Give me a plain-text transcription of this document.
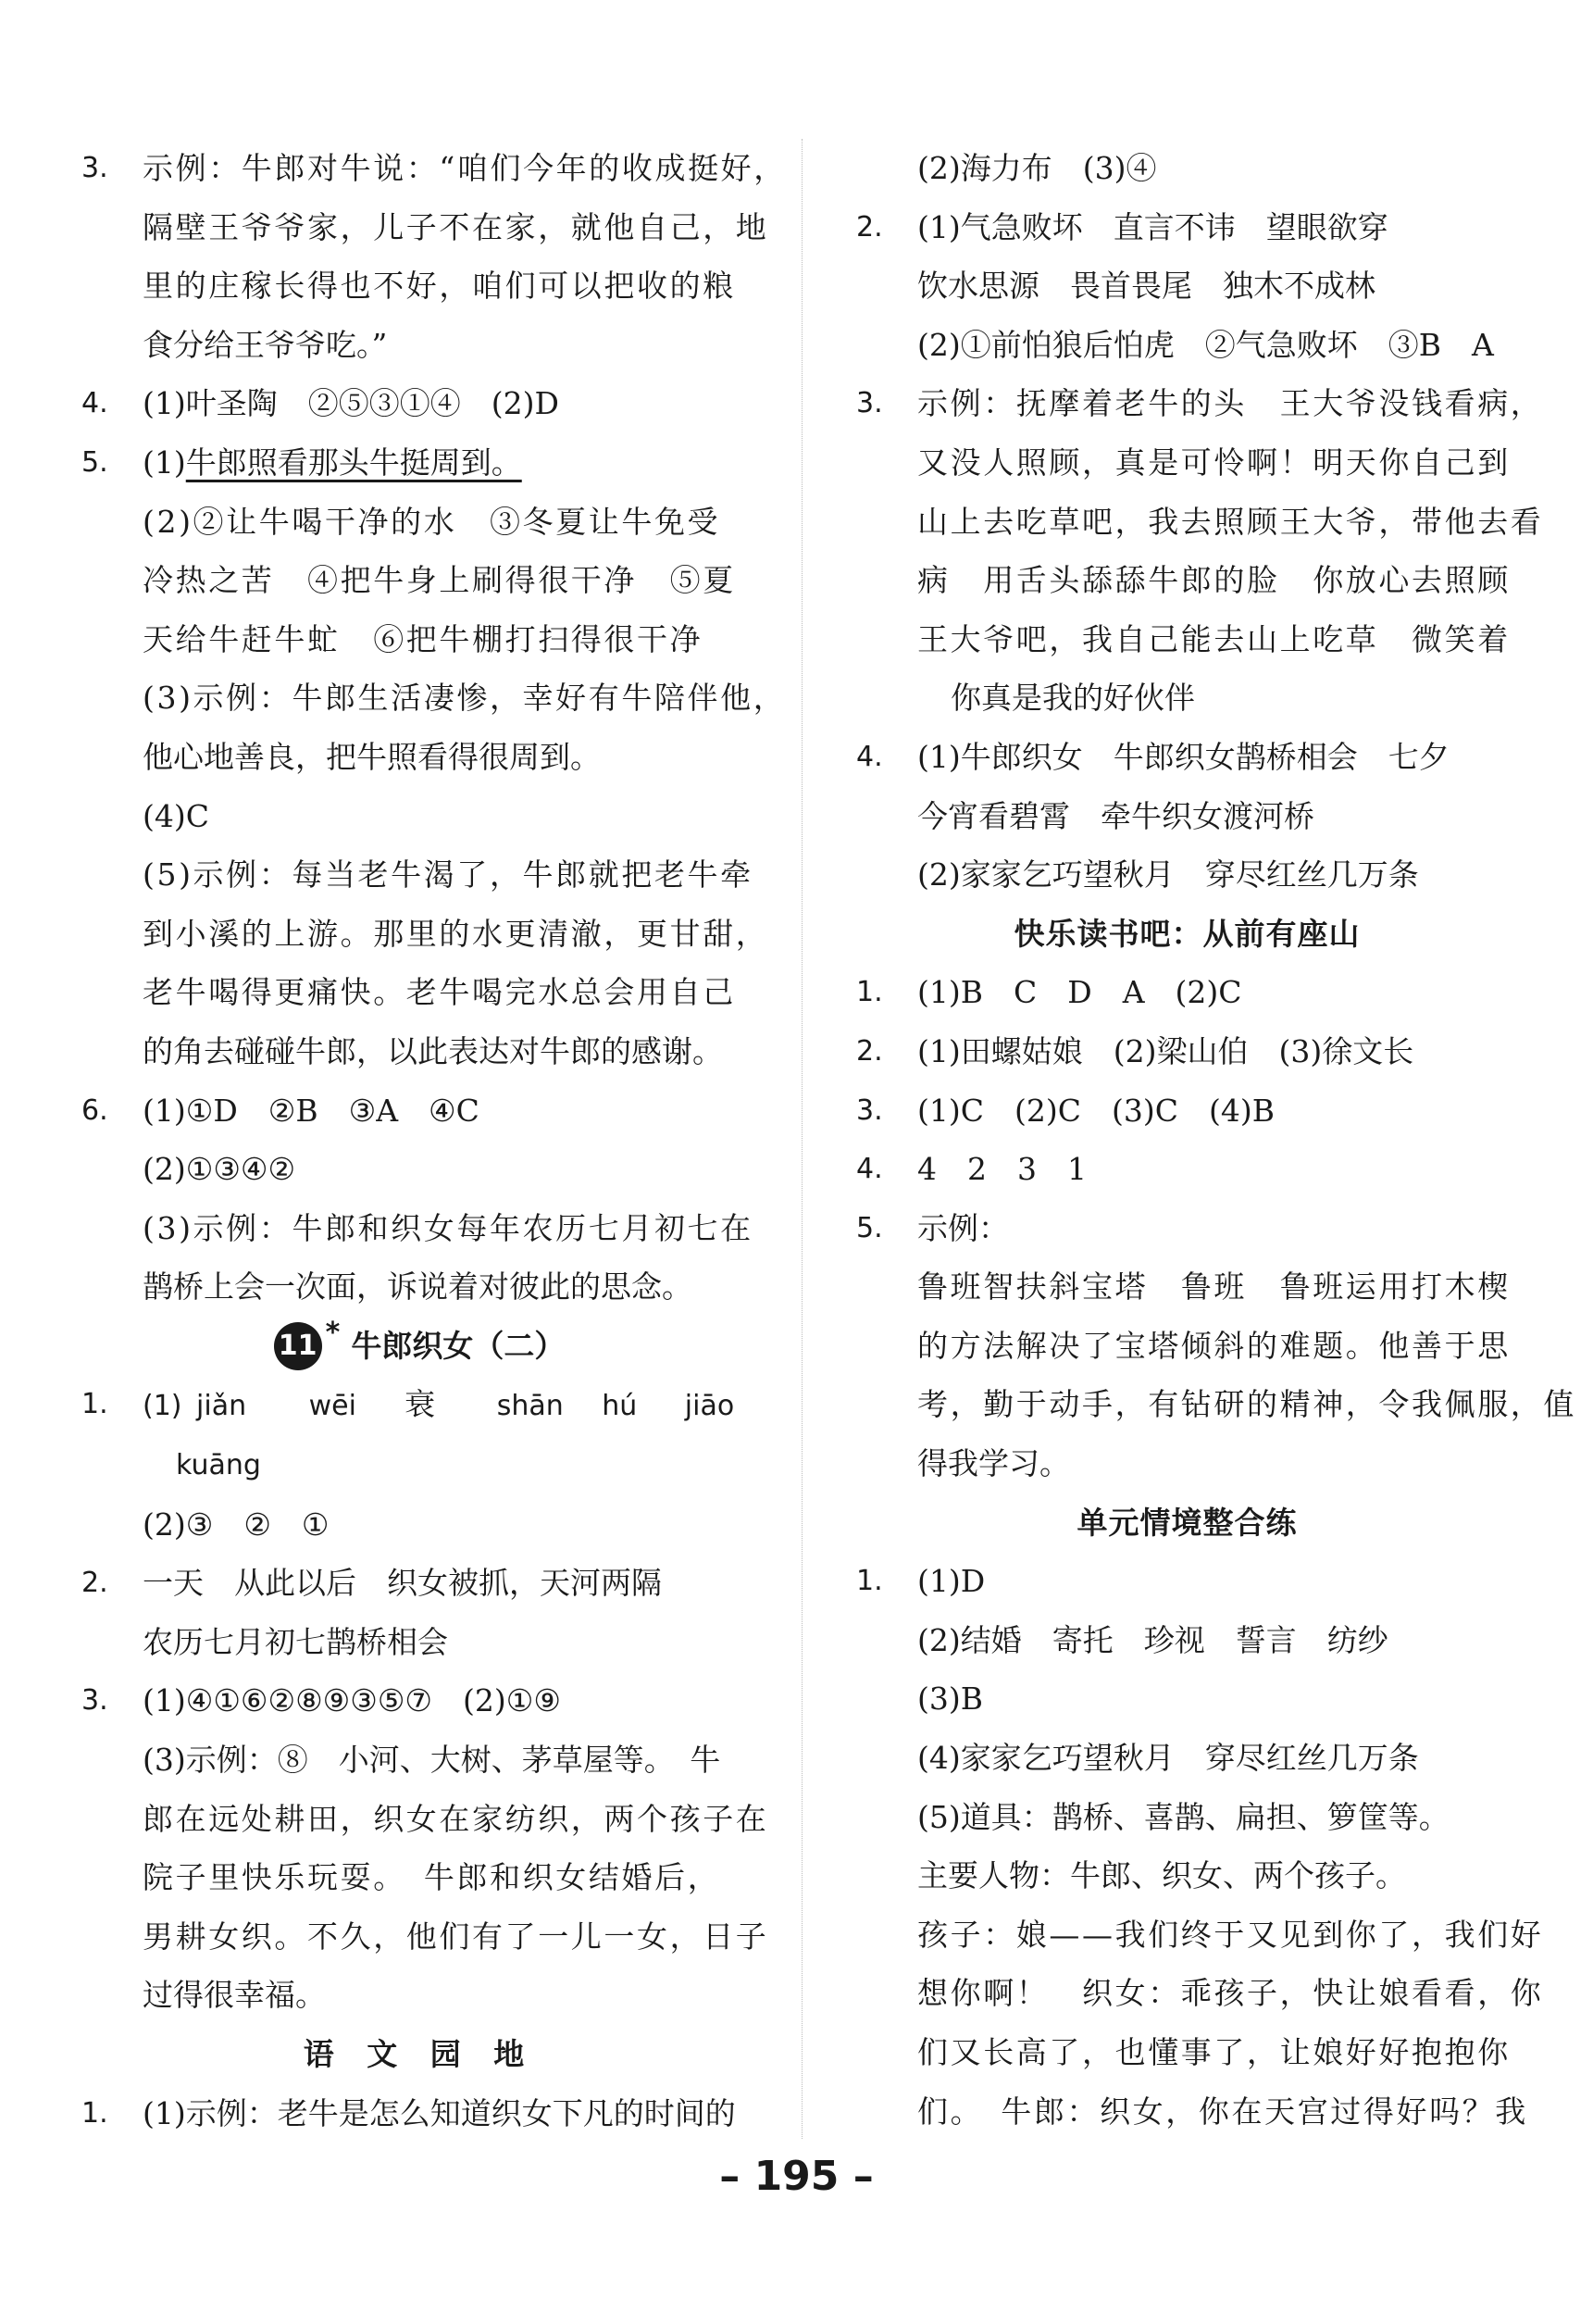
3.	示例：牛郎对牛说：“咱们今年的收成挺好，
隔壁王爷爷家，儿子不在家，就他自己，地
里的庄稼长得也不好，咱们可以把收的粮
食分给王爷爷吃。”
4.	(1)叶圣陶　②⑤③①④　(2)D
5.	(1)牛郎照看那头牛挺周到。
(2)②让牛喝干净的水　③冬夏让牛免受
冷热之苦　④把牛身上刷得很干净　⑤夏
天给牛赶牛虻　⑥把牛棚打扫得很干净
(3)示例：牛郎生活凄惨，幸好有牛陪伴他，
他心地善良，把牛照看得很周到。
(4)C
(5)示例：每当老牛渴了，牛郎就把老牛牵
到小溪的上游。那里的水更清澈，更甘甜，
老牛喝得更痛快。老牛喝完水总会用自己
的角去碰碰牛郎，以此表达对牛郎的感谢。
6.	(1)①D　②B　③A　④C
(2)①③④②
(3)示例：牛郎和织女每年农历七月初七在
鹊桥上会一次面，诉说着对彼此的思念。
11 * 牛郎织女（二）
1.	(1) jiǎn wēi 衰 shān hú jiāo
kuāng
(2)③　②　①
2.	一天　从此以后　织女被抓，天河两隔
农历七月初七鹊桥相会
3.	(1)④①⑥②⑧⑨③⑤⑦　(2)①⑨
(3)示例：⑧　小河、大树、茅草屋等。　牛
郎在远处耕田，织女在家纺织，两个孩子在
院子里快乐玩耍。　牛郎和织女结婚后，
男耕女织。不久，他们有了一儿一女，日子
过得很幸福。
语 文 园 地
1.	(1)示例：老牛是怎么知道织女下凡的时间的
(2)海力布　(3)④
2.	(1)气急败坏　直言不讳　望眼欲穿
饮水思源　畏首畏尾　独木不成林
(2)①前怕狼后怕虎　②气急败坏　③B　A
3.	示例：抚摩着老牛的头　王大爷没钱看病，
又没人照顾，真是可怜啊！明天你自己到
山上去吃草吧，我去照顾王大爷，带他去看
病　用舌头舔舔牛郎的脸　你放心去照顾
王大爷吧，我自己能去山上吃草　微笑着
你真是我的好伙伴
4.	(1)牛郎织女　牛郎织女鹊桥相会　七夕
今宵看碧霄　牵牛织女渡河桥
(2)家家乞巧望秋月　穿尽红丝几万条
快乐读书吧：从前有座山
1.	(1)B　C　D　A　(2)C
2.	(1)田螺姑娘　(2)梁山伯　(3)徐文长
3.	(1)C　(2)C　(3)C　(4)B
4.	4　2　3　1
5.	示例：
鲁班智扶斜宝塔　鲁班　鲁班运用打木楔
的方法解决了宝塔倾斜的难题。他善于思
考，勤于动手，有钻研的精神，令我佩服，值
得我学习。
单元情境整合练
1.	(1)D
(2)结婚　寄托　珍视　誓言　纺纱
(3)B
(4)家家乞巧望秋月　穿尽红丝几万条
(5)道具：鹊桥、喜鹊、扁担、箩筐等。
主要人物：牛郎、织女、两个孩子。
孩子：娘——我们终于又见到你了，我们好
想你啊！　织女：乖孩子，快让娘看看，你
们又长高了，也懂事了，让娘好好抱抱你
们。　牛郎：织女，你在天宫过得好吗？我
– 195 –
